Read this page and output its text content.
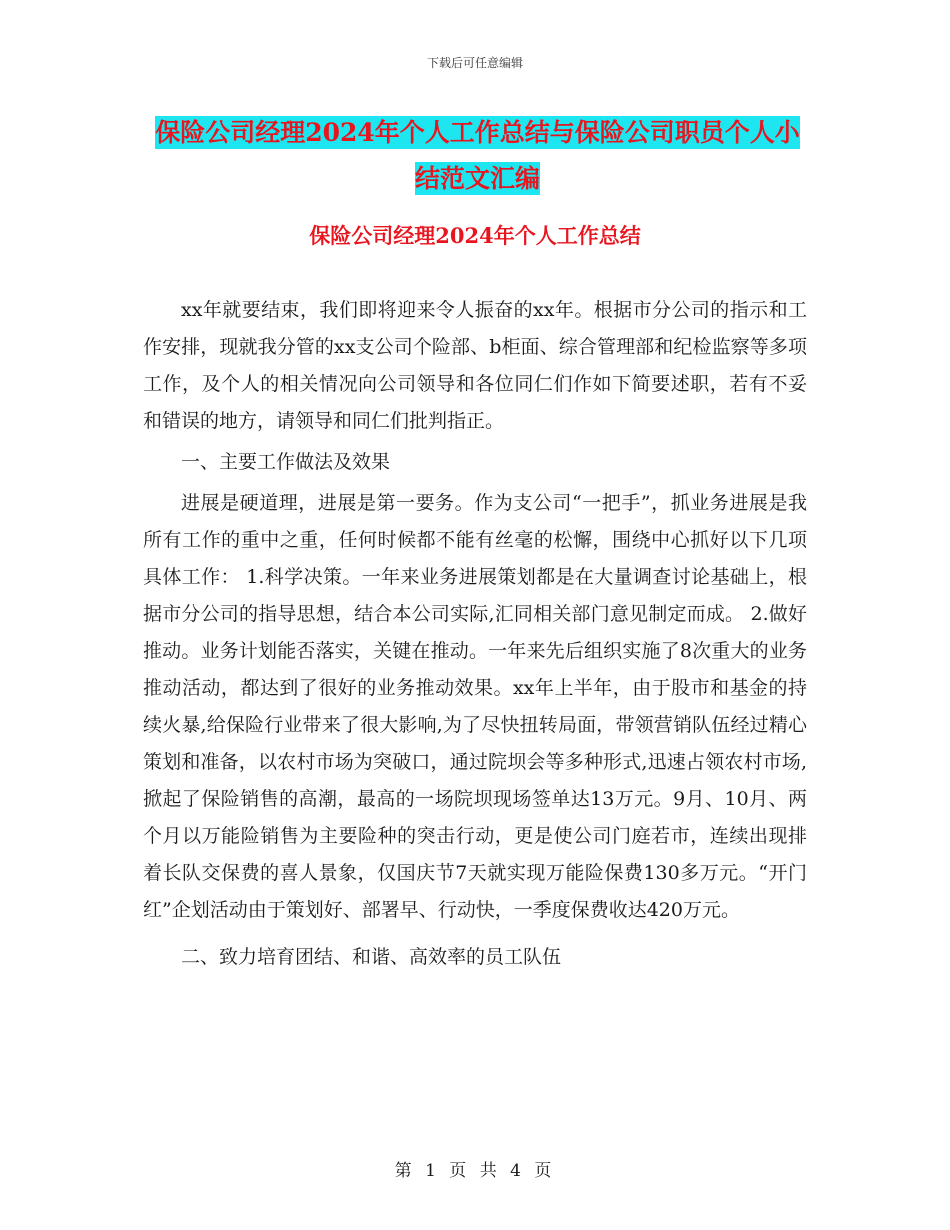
下载后可任意编辑
保险公司经理2024年个人工作总结与保险公司职员个人小结范文汇编
保险公司经理2024年个人工作总结

xx年就要结束，我们即将迎来令人振奋的xx年。根据市分公司的指示和工作安排，现就我分管的xx支公司个险部、b柜面、综合管理部和纪检监察等多项工作，及个人的相关情况向公司领导和各位同仁们作如下简要述职，若有不妥和错误的地方，请领导和同仁们批判指正。

一、主要工作做法及效果

进展是硬道理，进展是第一要务。作为支公司“一把手”，抓业务进展是我所有工作的重中之重，任何时候都不能有丝毫的松懈，围绕中心抓好以下几项具体工作： 1.科学决策。一年来业务进展策划都是在大量调查讨论基础上，根据市分公司的指导思想，结合本公司实际,汇同相关部门意见制定而成。 2.做好推动。业务计划能否落实，关键在推动。一年来先后组织实施了8次重大的业务推动活动，都达到了很好的业务推动效果。xx年上半年，由于股市和基金的持续火暴,给保险行业带来了很大影响,为了尽快扭转局面，带领营销队伍经过精心策划和准备，以农村市场为突破口，通过院坝会等多种形式,迅速占领农村市场,掀起了保险销售的高潮，最高的一场院坝现场签单达13万元。9月、10月、两个月以万能险销售为主要险种的突击行动，更是使公司门庭若市，连续出现排着长队交保费的喜人景象，仅国庆节7天就实现万能险保费130多万元。“开门红”企划活动由于策划好、部署早、行动快，一季度保费收达420万元。

二、致力培育团结、和谐、高效率的员工队伍

第 1 页 共 4 页
